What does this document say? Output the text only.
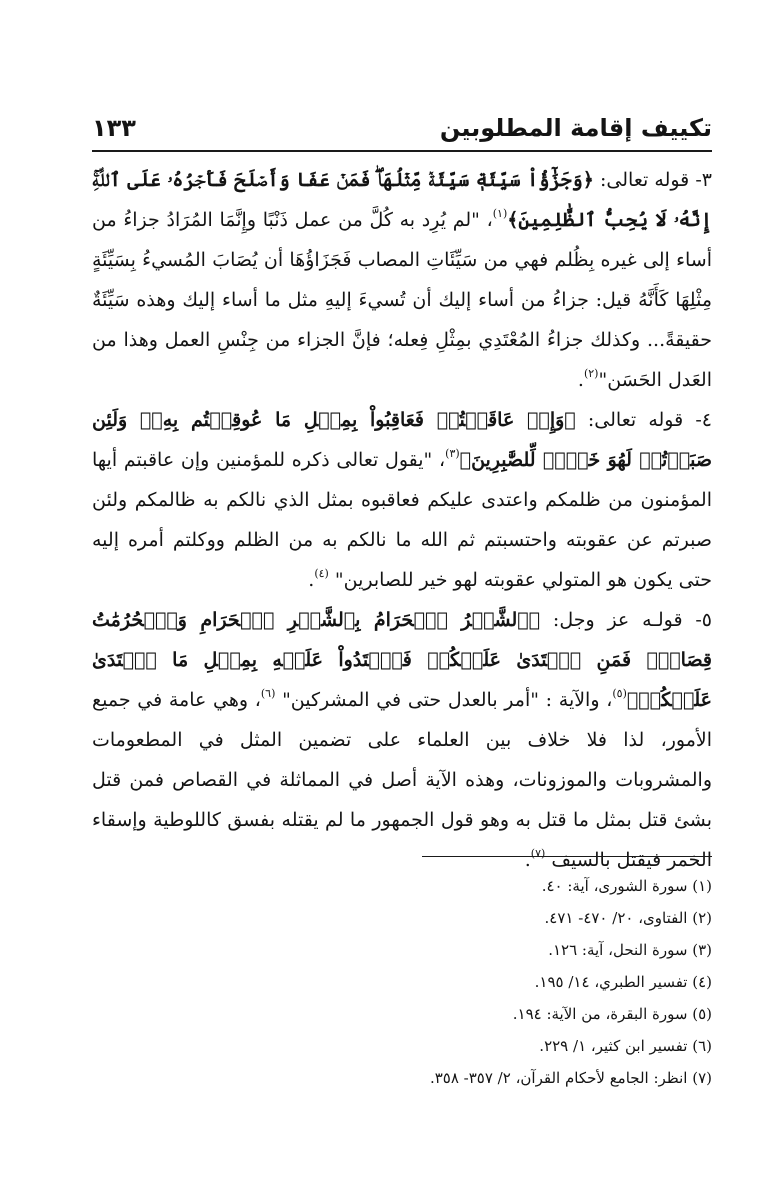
تكييف إقامة المطلوبين
١٣٣

٣- قوله تعالى: ﴿وَجَزَٰٓؤُاْ سَيِّئَةٖ سَيِّئَةٞ مِّثۡلُهَاۖ فَمَنۡ عَفَا وَأَصۡلَحَ فَأَجۡرُهُۥ عَلَى ٱللَّهِۚ إِنَّهُۥ لَا يُحِبُّ ٱلظَّٰلِمِينَ﴾$^{(١)}$، "لم يُرِد به كُلَّ من عمل ذَنْبًا وإِنَّمَا المُرَادُ جزاءُ من أساء إلى غيره بِظُلم فهي من سَيِّئَاتِ المصاب فَجَزَاؤُهَا أن يُصَابَ المُسيءُ بِسَيِّئَةٍ مِثْلِهَا كَأَنَّهُ قيل: جزاءُ من أساء إليك أن تُسيءَ إليهِ مثل ما أساء إليك وهذه سَيِّئَةٌ حقيقةً... وكذلك جزاءُ المُعْتَدِي بمِثْلِ فِعله؛ فإنَّ الجزاء من جِنْسِ العمل وهذا من العَدل الحَسَن"$^{(٢)}$.

٤- قوله تعالى: ﴿وَإِنۡ عَاقَبۡتُمۡ فَعَاقِبُواْ بِمِثۡلِ مَا عُوقِبۡتُم بِهِۦۖ وَلَئِن صَبَرۡتُمۡ لَهُوَ خَيۡرٞ لِّلصَّٰبِرِينَ﴾$^{(٣)}$، "يقول تعالى ذكره للمؤمنين وإن عاقبتم أيها المؤمنون من ظلمكم واعتدى عليكم فعاقبوه بمثل الذي نالكم به ظالمكم ولئن صبرتم عن عقوبته واحتسبتم ثم الله ما نالكم به من الظلم ووكلتم أمره إليه حتى يكون هو المتولي عقوبته لهو خير للصابرين" $^{(٤)}$.

٥- قولـه عز وجل: ﴿ٱلشَّهۡرُ ٱلۡحَرَامُ بِٱلشَّهۡرِ ٱلۡحَرَامِ وَٱلۡحُرُمَٰتُ قِصَاصٞۚ فَمَنِ ٱعۡتَدَىٰ عَلَيۡكُمۡ فَٱعۡتَدُواْ عَلَيۡهِ بِمِثۡلِ مَا ٱعۡتَدَىٰ عَلَيۡكُمۡ﴾$^{(٥)}$، والآية : "أمر بالعدل حتى في المشركين" $^{(٦)}$، وهي عامة في جميع الأمور، لذا فلا خلاف بين العلماء على تضمين المثل في المطعومات والمشروبات والموزونات، وهذه الآية أصل في المماثلة في القصاص فمن قتل بشئ قتل بمثل ما قتل به وهو قول الجمهور ما لم يقتله بفسق كاللوطية وإسقاء الخمر فيقتل بالسيف $^{(٧)}$.

(١) سورة الشورى، آية: ٤٠.
(٢) الفتاوى، ٢٠/ ٤٧٠- ٤٧١.
(٣) سورة النحل، آية: ١٢٦.
(٤) تفسير الطبري، ١٤/ ١٩٥.
(٥) سورة البقرة، من الآية: ١٩٤.
(٦) تفسير ابن كثير، ١/ ٢٢٩.
(٧) انظر: الجامع لأحكام القرآن، ٢/ ٣٥٧- ٣٥٨.
